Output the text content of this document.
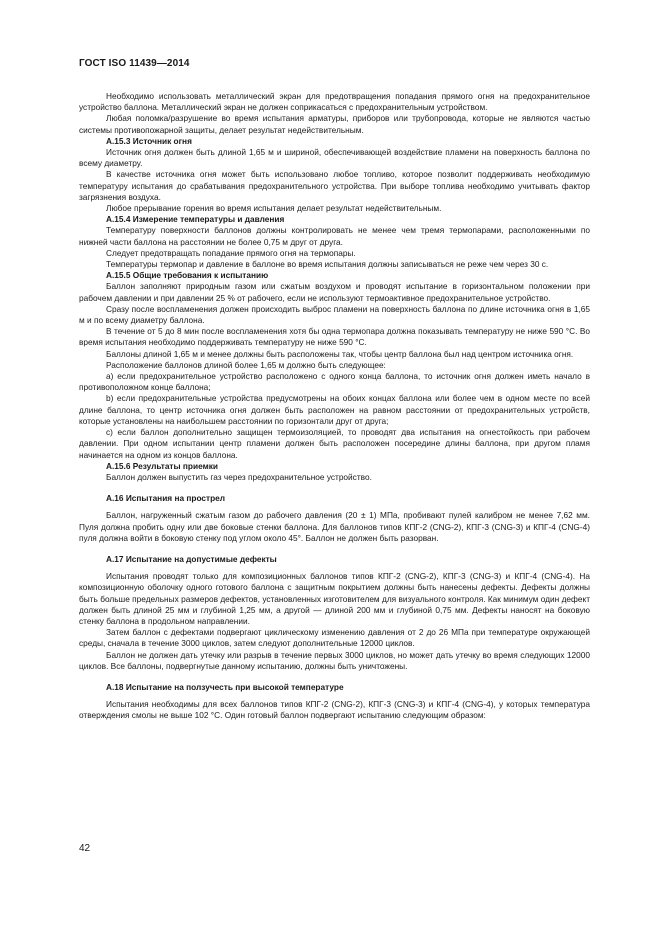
ГОСТ ISO 11439—2014

Необходимо использовать металлический экран для предотвращения попадания прямого огня на предохранительное устройство баллона. Металлический экран не должен соприкасаться с предохранительным устройством.

Любая поломка/разрушение во время испытания арматуры, приборов или трубопровода, которые не являются частью системы противопожарной защиты, делает результат недействительным.

А.15.3 Источник огня

Источник огня должен быть длиной 1,65 м и шириной, обеспечивающей воздействие пламени на поверхность баллона по всему диаметру.

В качестве источника огня может быть использовано любое топливо, которое позволит поддерживать необходимую температуру испытания до срабатывания предохранительного устройства. При выборе топлива необходимо учитывать фактор загрязнения воздуха.

Любое прерывание горения во время испытания делает результат недействительным.

А.15.4 Измерение температуры и давления

Температуру поверхности баллонов должны контролировать не менее чем тремя термопарами, расположенными по нижней части баллона на расстоянии не более 0,75 м друг от друга.

Следует предотвращать попадание прямого огня на термопары.

Температуры термопар и давление в баллоне во время испытания должны записываться не реже чем через 30 с.

А.15.5 Общие требования к испытанию

Баллон заполняют природным газом или сжатым воздухом и проводят испытание в горизонтальном положении при рабочем давлении и при давлении 25 % от рабочего, если не используют термоактивное предохранительное устройство.

Сразу после воспламенения должен происходить выброс пламени на поверхность баллона по длине источника огня в 1,65 м и по всему диаметру баллона.

В течение от 5 до 8 мин после воспламенения хотя бы одна термопара должна показывать температуру не ниже 590 °С. Во время испытания необходимо поддерживать температуру не ниже 590 °С.

Баллоны длиной 1,65 м и менее должны быть расположены так, чтобы центр баллона был над центром источника огня.

Расположение баллонов длиной более 1,65 м должно быть следующее:

a) если предохранительное устройство расположено с одного конца баллона, то источник огня должен иметь начало в противоположном конце баллона;

b) если предохранительные устройства предусмотрены на обоих концах баллона или более чем в одном месте по всей длине баллона, то центр источника огня должен быть расположен на равном расстоянии от предохранительных устройств, которые установлены на наибольшем расстоянии по горизонтали друг от друга;

c) если баллон дополнительно защищен термоизоляцией, то проводят два испытания на огнестойкость при рабочем давлении. При одном испытании центр пламени должен быть расположен посередине длины баллона, при другом пламя начинается на одном из концов баллона.

А.15.6 Результаты приемки

Баллон должен выпустить газ через предохранительное устройство.

А.16 Испытания на прострел

Баллон, нагруженный сжатым газом до рабочего давления (20 ± 1) МПа, пробивают пулей калибром не менее 7,62 мм. Пуля должна пробить одну или две боковые стенки баллона. Для баллонов типов КПГ-2 (CNG-2), КПГ-3 (CNG-3) и КПГ-4 (CNG-4) пуля должна войти в боковую стенку под углом около 45°. Баллон не должен быть разорван.

А.17 Испытание на допустимые дефекты

Испытания проводят только для композиционных баллонов типов КПГ-2 (CNG-2), КПГ-3 (CNG-3) и КПГ-4 (CNG-4). На композиционную оболочку одного готового баллона с защитным покрытием должны быть нанесены дефекты. Дефекты должны быть больше предельных размеров дефектов, установленных изготовителем для визуального контроля. Как минимум один дефект должен быть длиной 25 мм и глубиной 1,25 мм, а другой — длиной 200 мм и глубиной 0,75 мм. Дефекты наносят на боковую стенку баллона в продольном направлении.

Затем баллон с дефектами подвергают циклическому изменению давления от 2 до 26 МПа при температуре окружающей среды, сначала в течение 3000 циклов, затем следуют дополнительные 12000 циклов.

Баллон не должен дать утечку или разрыв в течение первых 3000 циклов, но может дать утечку во время следующих 12000 циклов. Все баллоны, подвергнутые данному испытанию, должны быть уничтожены.

А.18 Испытание на ползучесть при высокой температуре

Испытания необходимы для всех баллонов типов КПГ-2 (CNG-2), КПГ-3 (CNG-3) и КПГ-4 (CNG-4), у которых температура отверждения смолы не выше 102 °С. Один готовый баллон подвергают испытанию следующим образом:

42
